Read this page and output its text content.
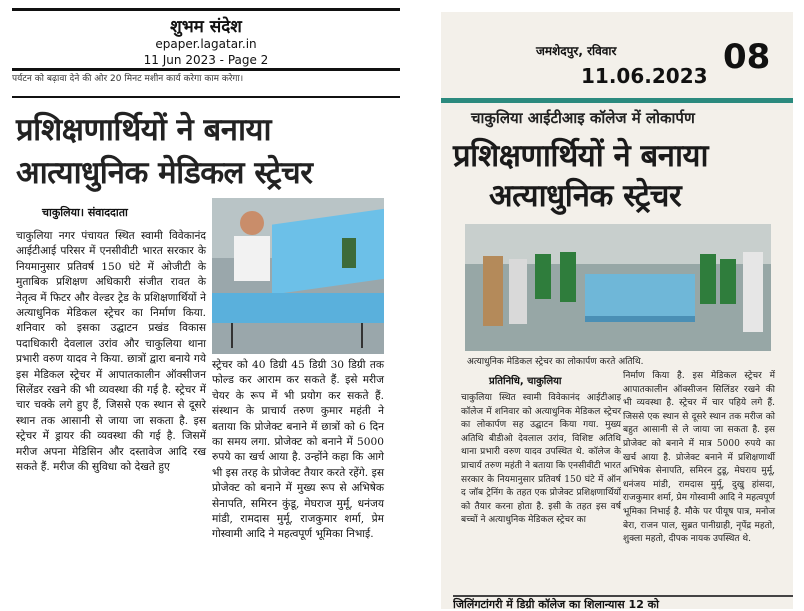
शुभम संदेश
epaper.lagatar.in
11 Jun 2023 - Page 2
पर्यटन को बढ़ावा देने की ओर 20 मिनट मशीन कार्य करेगा काम करेगा।
प्रशिक्षणार्थियों ने बनाया
आत्याधुनिक मेडिकल स्ट्रेचर
चाकुलिया। संवाददाता
चाकुलिया नगर पंचायत स्थित स्वामी विवेकानंद आईटीआई परिसर में एनसीवीटी भारत सरकार के नियमानुसार प्रतिवर्ष 150 घंटे में ओजीटी के मुताबिक प्रशिक्षण अधिकारी संजीत रावत के नेतृत्व में फिटर और वेल्डर ट्रेड के प्रशिक्षणार्थियों ने अत्याधुनिक मेडिकल स्ट्रेचर का निर्माण किया. शनिवार को इसका उद्घाटन प्रखंड विकास पदाधिकारी देवलाल उरांव और चाकुलिया थाना प्रभारी वरुण यादव ने किया. छात्रों द्वारा बनाये गये इस मेडिकल स्ट्रेचर में आपातकालीन ऑक्सीजन सिलेंडर रखने की भी व्यवस्था की गई है. स्ट्रेचर में चार चक्के लगे हुए हैं, जिससे एक स्थान से दूसरे स्थान तक आसानी से जाया जा सकता है. इस स्ट्रेचर में ड्रायर की व्यवस्था की गई है. जिसमें मरीज अपना मेडिसिन और दस्तावेज आदि रख सकते हैं. मरीज की सुविधा को देखते हुए
स्ट्रेचर को 40 डिग्री 45 डिग्री 30 डिग्री तक फोल्ड कर आराम कर सकते हैं. इसे मरीज चेयर के रूप में भी प्रयोग कर सकते हैं. संस्थान के प्राचार्य तरुण कुमार महंती ने बताया कि प्रोजेक्ट बनाने में छात्रों को 6 दिन का समय लगा. प्रोजेक्ट को बनाने में 5000 रुपये का खर्च आया है. उन्होंने कहा कि आगे भी इस तरह के प्रोजेक्ट तैयार करते रहेंगे. इस प्रोजेक्ट को बनाने में मुख्य रूप से अभिषेक सेनापति, समिरन कुंडू, मेघराज मुर्मू, धनंजय मांडी, रामदास मुर्मू, राजकुमार शर्मा, प्रेम गोस्वामी आदि ने महत्वपूर्ण भूमिका निभाई.
जमशेदपुर, रविवार
11.06.2023 08
चाकुलिया आईटीआइ कॉलेज में लोकार्पण
प्रशिक्षणार्थियों ने बनाया
अत्याधुनिक स्ट्रेचर
अत्याधुनिक मेडिकल स्ट्रेचर का लोकार्पण करते अतिथि.
प्रतिनिधि, चाकुलिया
चाकुलिया स्थित स्वामी विवेकानंद आईटीआइ कॉलेज में शनिवार को अत्याधुनिक मेडिकल स्ट्रेचर का लोकार्पण सह उद्घाटन किया गया. मुख्य अतिथि बीडीओ देवलाल उरांव, विशिष्ट अतिथि थाना प्रभारी वरुण यादव उपस्थित थे. कॉलेज के प्राचार्य तरुण महंती ने बताया कि एनसीवीटी भारत सरकार के नियमानुसार प्रतिवर्ष 150 घंटे में ऑन द जॉब ट्रेनिंग के तहत एक प्रोजेक्ट प्रशिक्षणार्थियों को तैयार करना होता है. इसी के तहत इस वर्ष बच्चों ने अत्याधुनिक मेडिकल स्ट्रेचर का
निर्माण किया है. इस मेडिकल स्ट्रेचर में आपातकालीन ऑक्सीजन सिलिंडर रखने की भी व्यवस्था है. स्ट्रेचर में चार पहिये लगे हैं. जिससे एक स्थान से दूसरे स्थान तक मरीज को बहुत आसानी से ले जाया जा सकता है. इस प्रोजेक्ट को बनाने में मात्र 5000 रुपये का खर्च आया है. प्रोजेक्ट बनाने में प्रशिक्षणार्थी अभिषेक सेनापति, समिरन टुडू, मेघराय मुर्मू, धनंजय मांडी, रामदास मुर्मू, दुखु हांसदा, राजकुमार शर्मा, प्रेम गोस्वामी आदि ने महत्वपूर्ण भूमिका निभाई है. मौके पर पीयूष पात्र, मनोज बेरा, राजन पाल, सुब्रत पानीग्राही, नृपेंद्र महतो, शुक्ला महतो, दीपक नायक उपस्थित थे.
जिलिंगटांगरी में डिग्री कॉलेज का शिलान्यास 12 को
